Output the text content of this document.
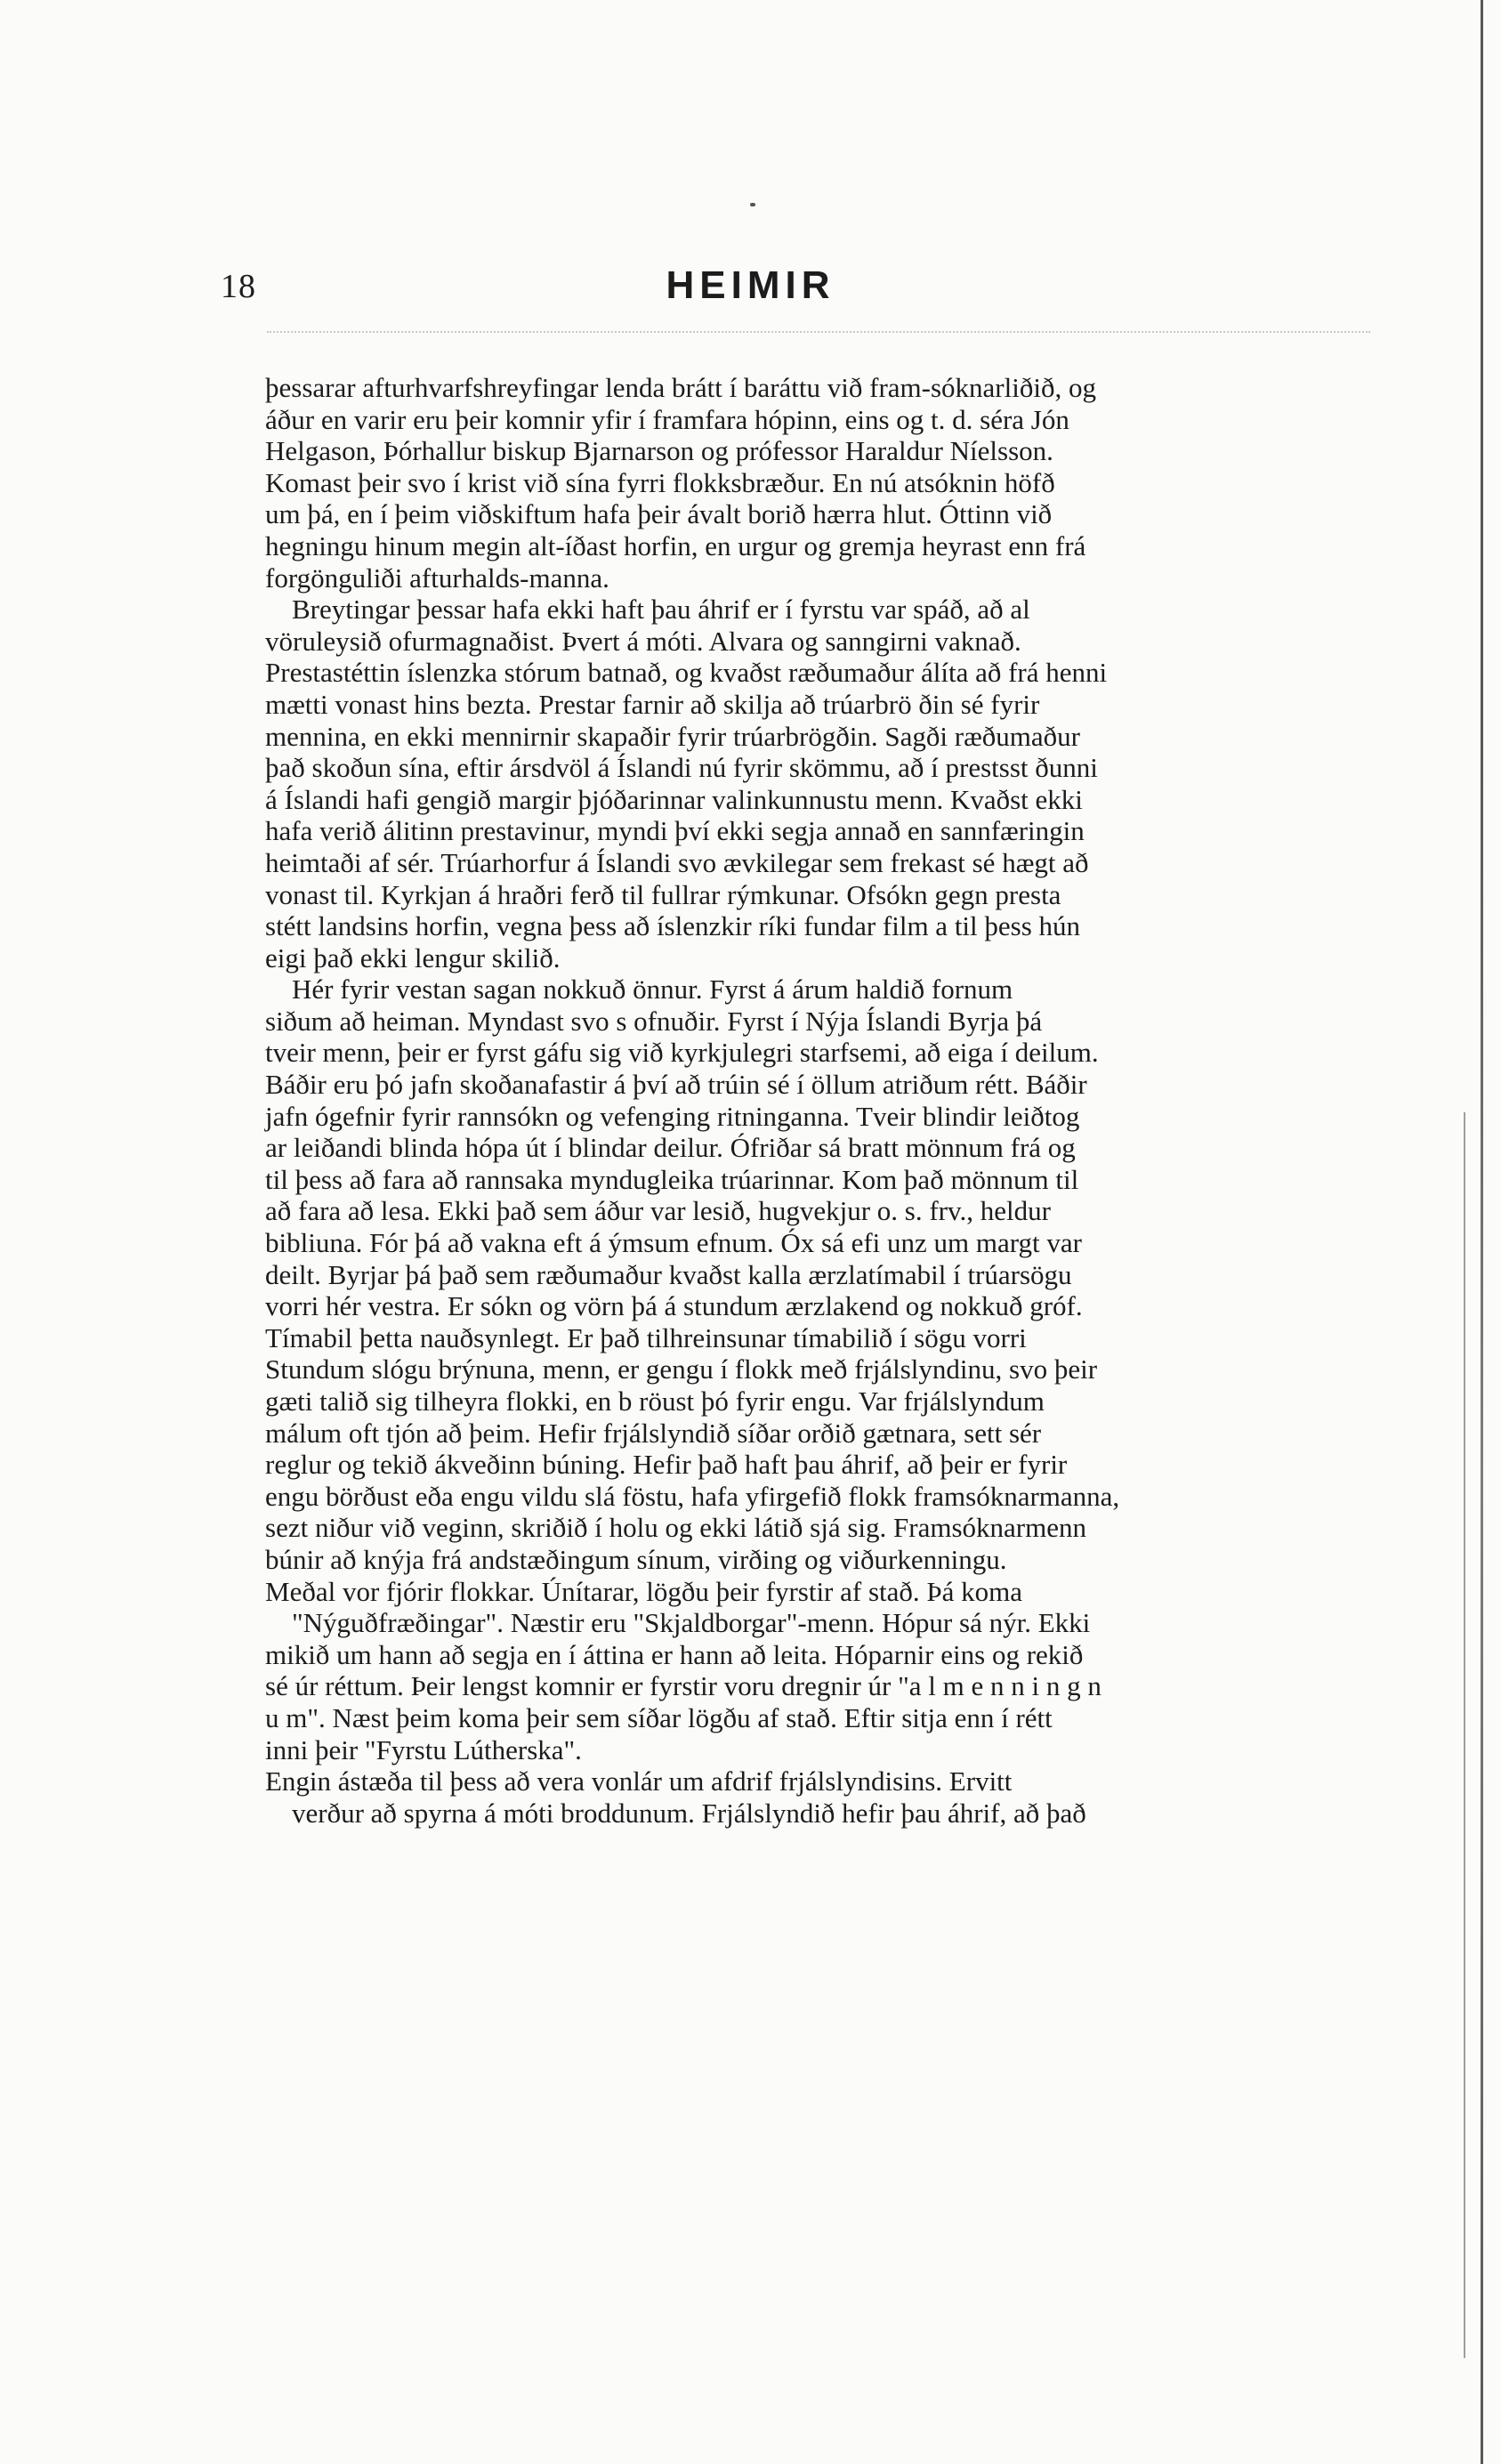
18	HEIMIR

þessarar afturhvarfshreyfingar lenda brátt í baráttu við fram-sóknarliðið, og

áður en varir eru þeir komnir yfir í framfara hópinn, eins og t. d. séra Jón

Helgason, Þórhallur biskup Bjarnarson og prófessor Haraldur Níelsson.

Komast þeir svo í krist við sína fyrri flokksbræður. En nú atsóknin höfð

um þá, en í þeim viðskiftum hafa þeir ávalt borið hærra hlut. Óttinn við

hegningu hinum megin alt-íðast horfin, en urgur og gremja heyrast enn frá

forgönguliði afturhalds-manna.

Breytingar þessar hafa ekki haft þau áhrif er í fyrstu var spáð, að al

vöruleysið ofurmagnaðist. Þvert á móti. Alvara og sanngirni vaknað.

Prestastéttin íslenzka stórum batnað, og kvaðst ræðumaður álíta að frá henni

mætti vonast hins bezta. Prestar farnir að skilja að trúarbrö ðin sé fyrir

mennina, en ekki mennirnir skapaðir fyrir trúarbrögðin. Sagði ræðumaður

það skoðun sína, eftir ársdvöl á Íslandi nú fyrir skömmu, að í prestsst ðunni

á Íslandi hafi gengið margir þjóðarinnar valinkunnustu menn. Kvaðst ekki

hafa verið álitinn prestavinur, myndi því ekki segja annað en sannfæringin

heimtaði af sér. Trúarhorfur á Íslandi svo ævkilegar sem frekast sé hægt að

vonast til. Kyrkjan á hraðri ferð til fullrar rýmkunar. Ofsókn gegn presta

stétt landsins horfin, vegna þess að íslenzkir ríki fundar film a til þess hún

eigi það ekki lengur skilið.

Hér fyrir vestan sagan nokkuð önnur. Fyrst á árum haldið fornum

siðum að heiman. Myndast svo s ofnuðir. Fyrst í Nýja Íslandi Byrja þá

tveir menn, þeir er fyrst gáfu sig við kyrkjulegri starfsemi, að eiga í deilum.

Báðir eru þó jafn skoðanafastir á því að trúin sé í öllum atriðum rétt. Báðir

jafn ógefnir fyrir rannsókn og vefenging ritninganna. Tveir blindir leiðtog

ar leiðandi blinda hópa út í blindar deilur. Ófriðar sá bratt mönnum frá og

til þess að fara að rannsaka myndugleika trúarinnar. Kom það mönnum til

að fara að lesa. Ekki það sem áður var lesið, hugvekjur o. s. frv., heldur

bibliuna. Fór þá að vakna eft á ýmsum efnum. Óx sá efi unz um margt var

deilt. Byrjar þá það sem ræðumaður kvaðst kalla ærzlatímabil í trúarsögu

vorri hér vestra. Er sókn og vörn þá á stundum ærzlakend og nokkuð gróf.

Tímabil þetta nauðsynlegt. Er það tilhreinsunar tímabilið í sögu vorri

Stundum slógu brýnuna, menn, er gengu í flokk með frjálslyndinu, svo þeir

gæti talið sig tilheyra flokki, en b röust þó fyrir engu. Var frjálslyndum

málum oft tjón að þeim. Hefir frjálslyndið síðar orðið gætnara, sett sér

reglur og tekið ákveðinn búning. Hefir það haft þau áhrif, að þeir er fyrir

engu börðust eða engu vildu slá föstu, hafa yfirgefið flokk framsóknarmanna,

sezt niður við veginn, skriðið í holu og ekki látið sjá sig. Framsóknarmenn

búnir að knýja frá andstæðingum sínum, virðing og viðurkenningu.

Meðal vor fjórir flokkar. Únítarar, lögðu þeir fyrstir af stað. Þá koma

"Nýguðfræðingar". Næstir eru "Skjaldborgar"-menn. Hópur sá nýr. Ekki

mikið um hann að segja en í áttina er hann að leita. Hóparnir eins og rekið

sé úr réttum. Þeir lengst komnir er fyrstir voru dregnir úr "a l m e n n i n g n

u m". Næst þeim koma þeir sem síðar lögðu af stað. Eftir sitja enn í rétt

inni þeir "Fyrstu Lútherska".

Engin ástæða til þess að vera vonlár um afdrif frjálslyndisins. Ervitt

verður að spyrna á móti broddunum. Frjálslyndið hefir þau áhrif, að það
